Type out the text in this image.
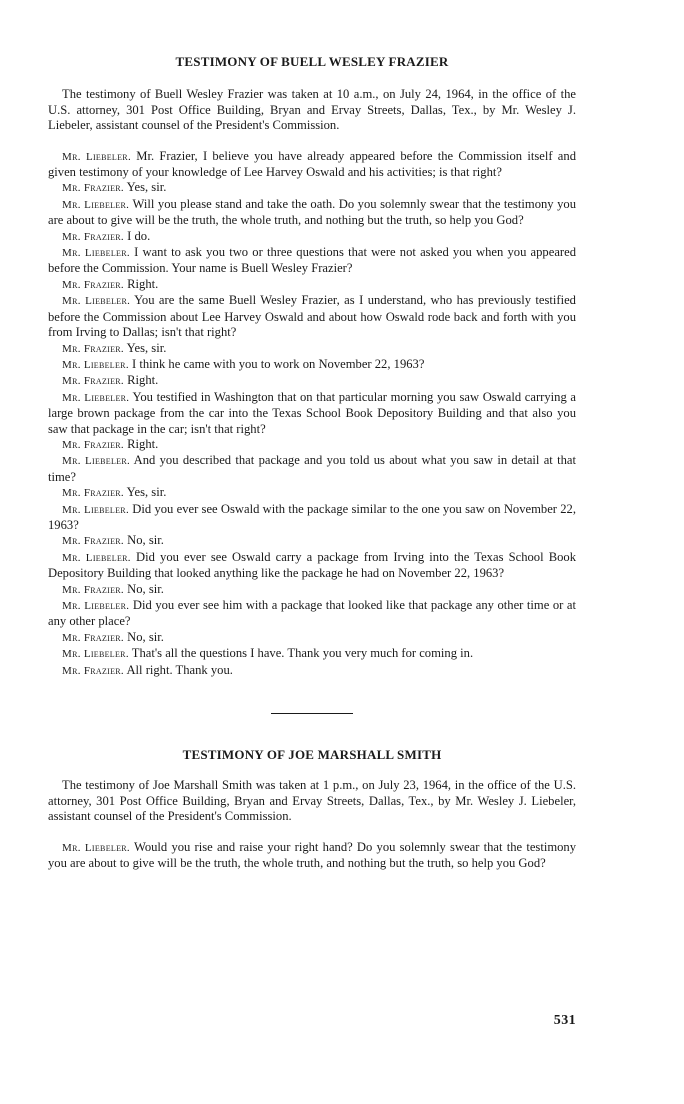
TESTIMONY OF BUELL WESLEY FRAZIER

The testimony of Buell Wesley Frazier was taken at 10 a.m., on July 24, 1964, in the office of the U.S. attorney, 301 Post Office Building, Bryan and Ervay Streets, Dallas, Tex., by Mr. Wesley J. Liebeler, assistant counsel of the President's Commission.

Mr. Liebeler. Mr. Frazier, I believe you have already appeared before the Commission itself and given testimony of your knowledge of Lee Harvey Oswald and his activities; is that right?

Mr. Frazier. Yes, sir.

Mr. Liebeler. Will you please stand and take the oath. Do you solemnly swear that the testimony you are about to give will be the truth, the whole truth, and nothing but the truth, so help you God?

Mr. Frazier. I do.

Mr. Liebeler. I want to ask you two or three questions that were not asked you when you appeared before the Commission. Your name is Buell Wesley Frazier?

Mr. Frazier. Right.

Mr. Liebeler. You are the same Buell Wesley Frazier, as I understand, who has previously testified before the Commission about Lee Harvey Oswald and about how Oswald rode back and forth with you from Irving to Dallas; isn't that right?

Mr. Frazier. Yes, sir.

Mr. Liebeler. I think he came with you to work on November 22, 1963?

Mr. Frazier. Right.

Mr. Liebeler. You testified in Washington that on that particular morning you saw Oswald carrying a large brown package from the car into the Texas School Book Depository Building and that also you saw that package in the car; isn't that right?

Mr. Frazier. Right.

Mr. Liebeler. And you described that package and you told us about what you saw in detail at that time?

Mr. Frazier. Yes, sir.

Mr. Liebeler. Did you ever see Oswald with the package similar to the one you saw on November 22, 1963?

Mr. Frazier. No, sir.

Mr. Liebeler. Did you ever see Oswald carry a package from Irving into the Texas School Book Depository Building that looked anything like the package he had on November 22, 1963?

Mr. Frazier. No, sir.

Mr. Liebeler. Did you ever see him with a package that looked like that package any other time or at any other place?

Mr. Frazier. No, sir.

Mr. Liebeler. That's all the questions I have. Thank you very much for coming in.

Mr. Frazier. All right. Thank you.

TESTIMONY OF JOE MARSHALL SMITH

The testimony of Joe Marshall Smith was taken at 1 p.m., on July 23, 1964, in the office of the U.S. attorney, 301 Post Office Building, Bryan and Ervay Streets, Dallas, Tex., by Mr. Wesley J. Liebeler, assistant counsel of the President's Commission.

Mr. Liebeler. Would you rise and raise your right hand? Do you solemnly swear that the testimony you are about to give will be the truth, the whole truth, and nothing but the truth, so help you God?

531
